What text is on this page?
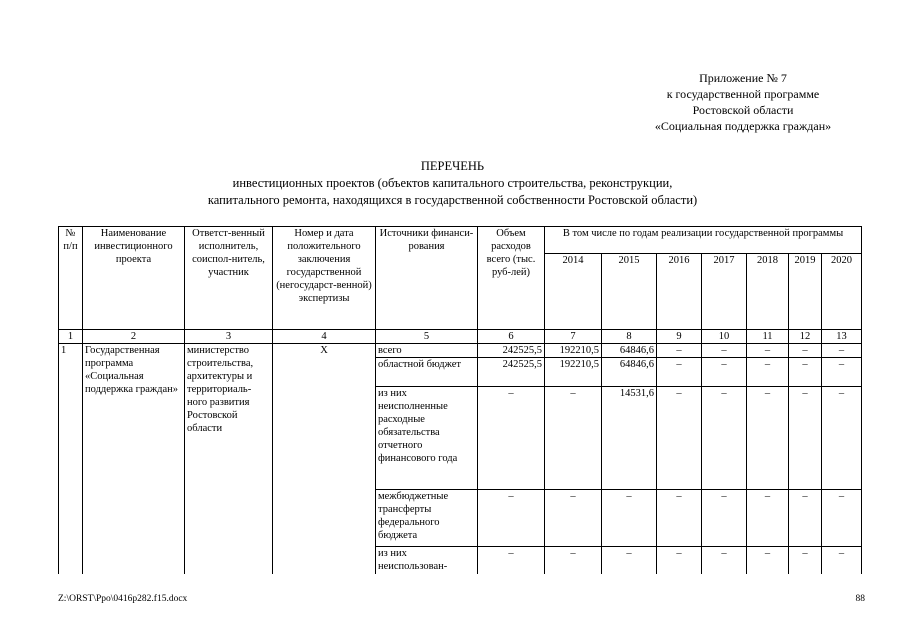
Приложение № 7
к государственной программе
Ростовской области
«Социальная поддержка граждан»
ПЕРЕЧЕНЬ
инвестиционных проектов (объектов капитального строительства, реконструкции,
капитального ремонта, находящихся в государственной собственности Ростовской области)
№ п/п	Наименование инвестиционного проекта	Ответст-венный исполнитель, соиспол-нитель, участник	Номер и дата положительного заключения государственной (негосударст-венной) экспертизы	Источники финанси-рования	Объем расходов всего (тыс. руб-лей)	В том числе по годам реализации государственной программы						
						2014	2015	2016	2017	2018	2019	2020
1	2	3	4	5	6	7	8	9	10	11	12	13
1	Государственная программа «Социальная поддержка граждан»	министерство строительства, архитектуры и территориаль-ного развития Ростовской области	Х	всего	242525,5	192210,5	64846,6	–	–	–	–	–
				областной бюджет	242525,5	192210,5	64846,6	–	–	–	–	–
				из них неисполненные расходные обязательства отчетного финансового года	–	–	14531,6	–	–	–	–	–
				межбюджетные трансферты федерального бюджета	–	–	–	–	–	–	–	–
				из них неиспользован-	–	–	–	–	–	–	–	–
Z:\ORST\Ppo\0416p282.f15.docx	88
